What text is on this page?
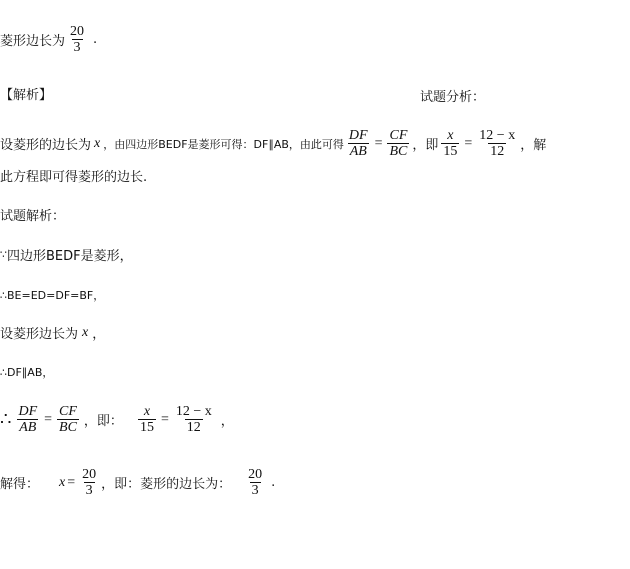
菱形边长为 $\frac{20}{3}$ .
【解析】	试题分析：
设菱形的边长为 x ，由四边形BEDF是菱形可得：DF∥AB，由此可得 $\frac{DF}{AB} = \frac{CF}{BC}$ ，即 $\frac{x}{15} = \frac{12 - x}{12}$ ，解
此方程即可得菱形的边长.
试题解析：
∵ 四边形BEDF是菱形，
∴ BE=ED=DF=BF，
设菱形边长为 x ，
∴ DF∥AB，
∴ $\frac{DF}{AB} = \frac{CF}{BC}$ ，即： $\frac{x}{15} = \frac{12 - x}{12}$ ，
解得： $x = \frac{20}{3}$ ，即：菱形的边长为： $\frac{20}{3}$ .
